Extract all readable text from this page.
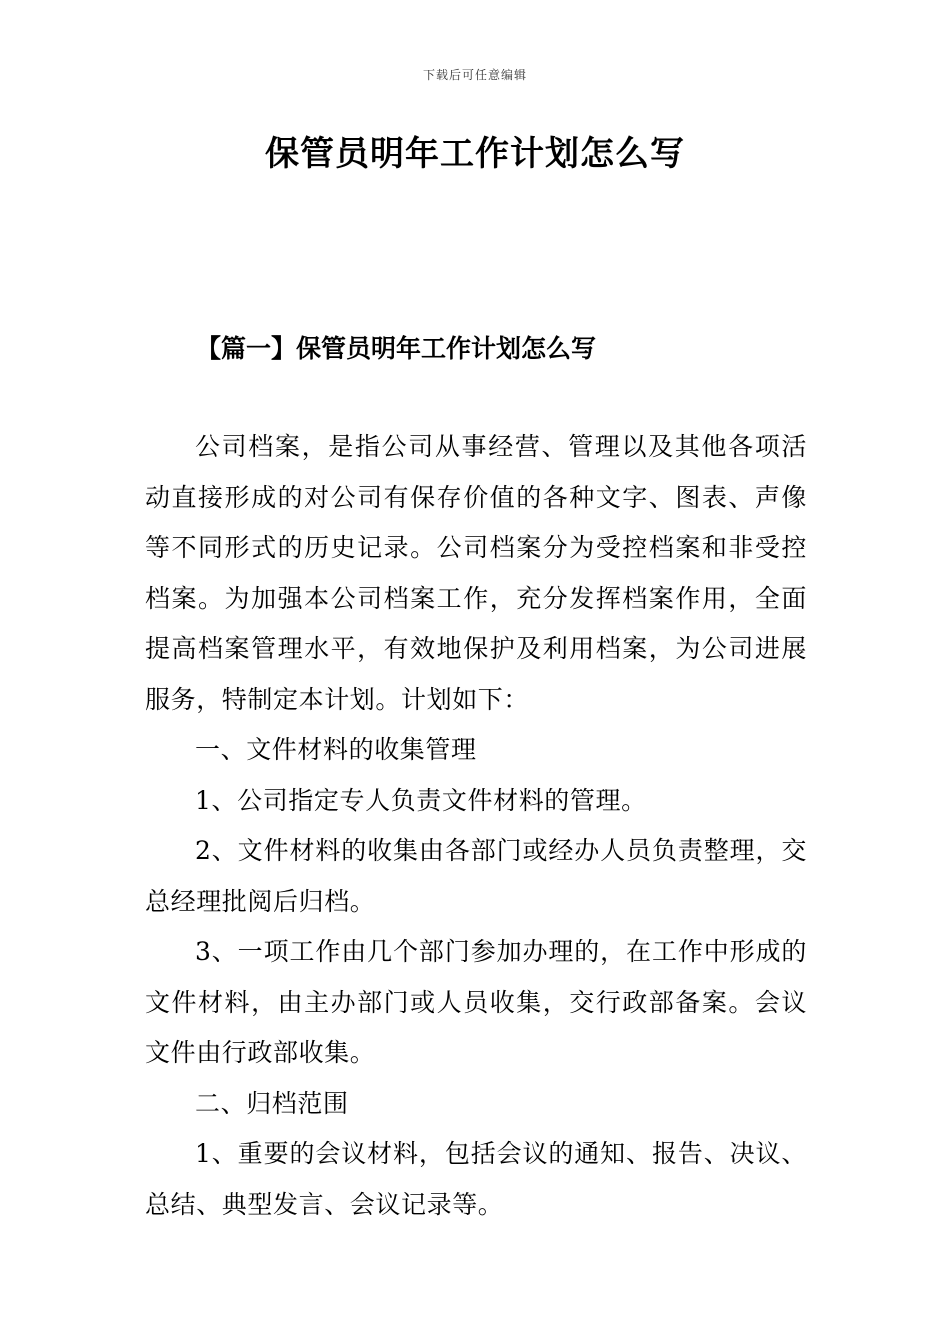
下载后可任意编辑
保管员明年工作计划怎么写
【篇一】保管员明年工作计划怎么写

公司档案，是指公司从事经营、管理以及其他各项活动直接形成的对公司有保存价值的各种文字、图表、声像等不同形式的历史记录。公司档案分为受控档案和非受控档案。为加强本公司档案工作，充分发挥档案作用，全面提高档案管理水平，有效地保护及利用档案，为公司进展服务，特制定本计划。计划如下：

一、文件材料的收集管理

1、公司指定专人负责文件材料的管理。

2、文件材料的收集由各部门或经办人员负责整理，交总经理批阅后归档。

3、一项工作由几个部门参加办理的，在工作中形成的文件材料，由主办部门或人员收集，交行政部备案。会议文件由行政部收集。

二、归档范围

1、重要的会议材料，包括会议的通知、报告、决议、总结、典型发言、会议记录等。
